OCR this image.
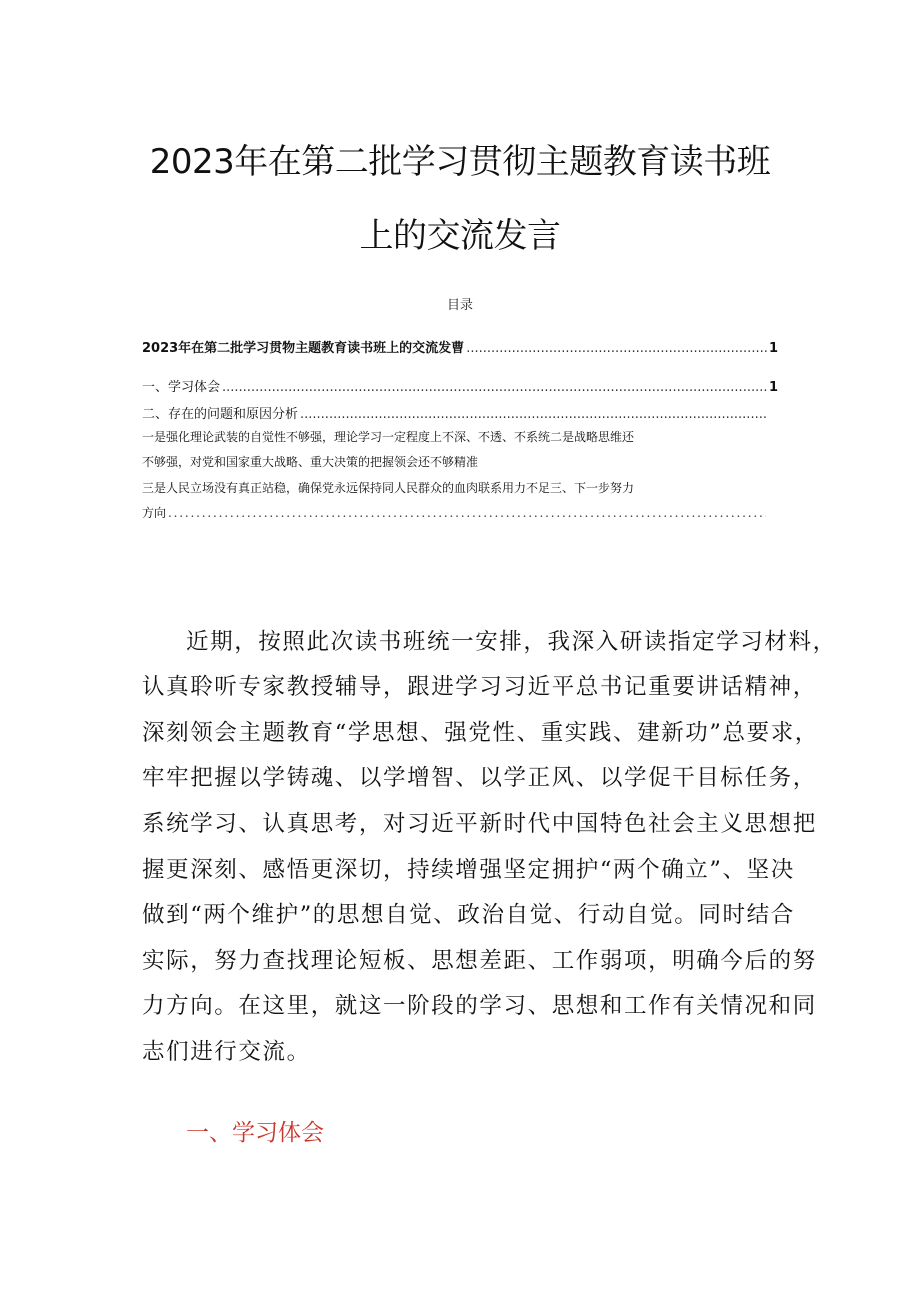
2023年在第二批学习贯彻主题教育读书班
上的交流发言
目录
2023年在第二批学习贯物主题教育读书班上的交流发曹 .....	1
一、学习体会 .....	1
二、存在的问题和原因分析
.....
一是强化理论武装的自觉性不够强，理论学习一定程度上不深、不透、不系统二是战略思维还
不够强，对党和国家重大战略、重大决策的把握领会还不够精准
三是人民立场没有真正站稳，确保党永远保持同人民群众的血肉联系用力不足三、下一步努力
方向
. .
近期，按照此次读书班统一安排，我深入研读指定学习材料，
认真聆听专家教授辅导，跟进学习习近平总书记重要讲话精神，
深刻领会主题教育“学思想、强党性、重实践、建新功”总要求，
牢牢把握以学铸魂、以学增智、以学正风、以学促干目标任务，
系统学习、认真思考，对习近平新时代中国特色社会主义思想把
握更深刻、感悟更深切，持续增强坚定拥护“两个确立”、坚决
做到“两个维护”的思想自觉、政治自觉、行动自觉。同时结合
实际，努力查找理论短板、思想差距、工作弱项，明确今后的努
力方向。在这里，就这一阶段的学习、思想和工作有关情况和同
志们进行交流。
一、学习体会
